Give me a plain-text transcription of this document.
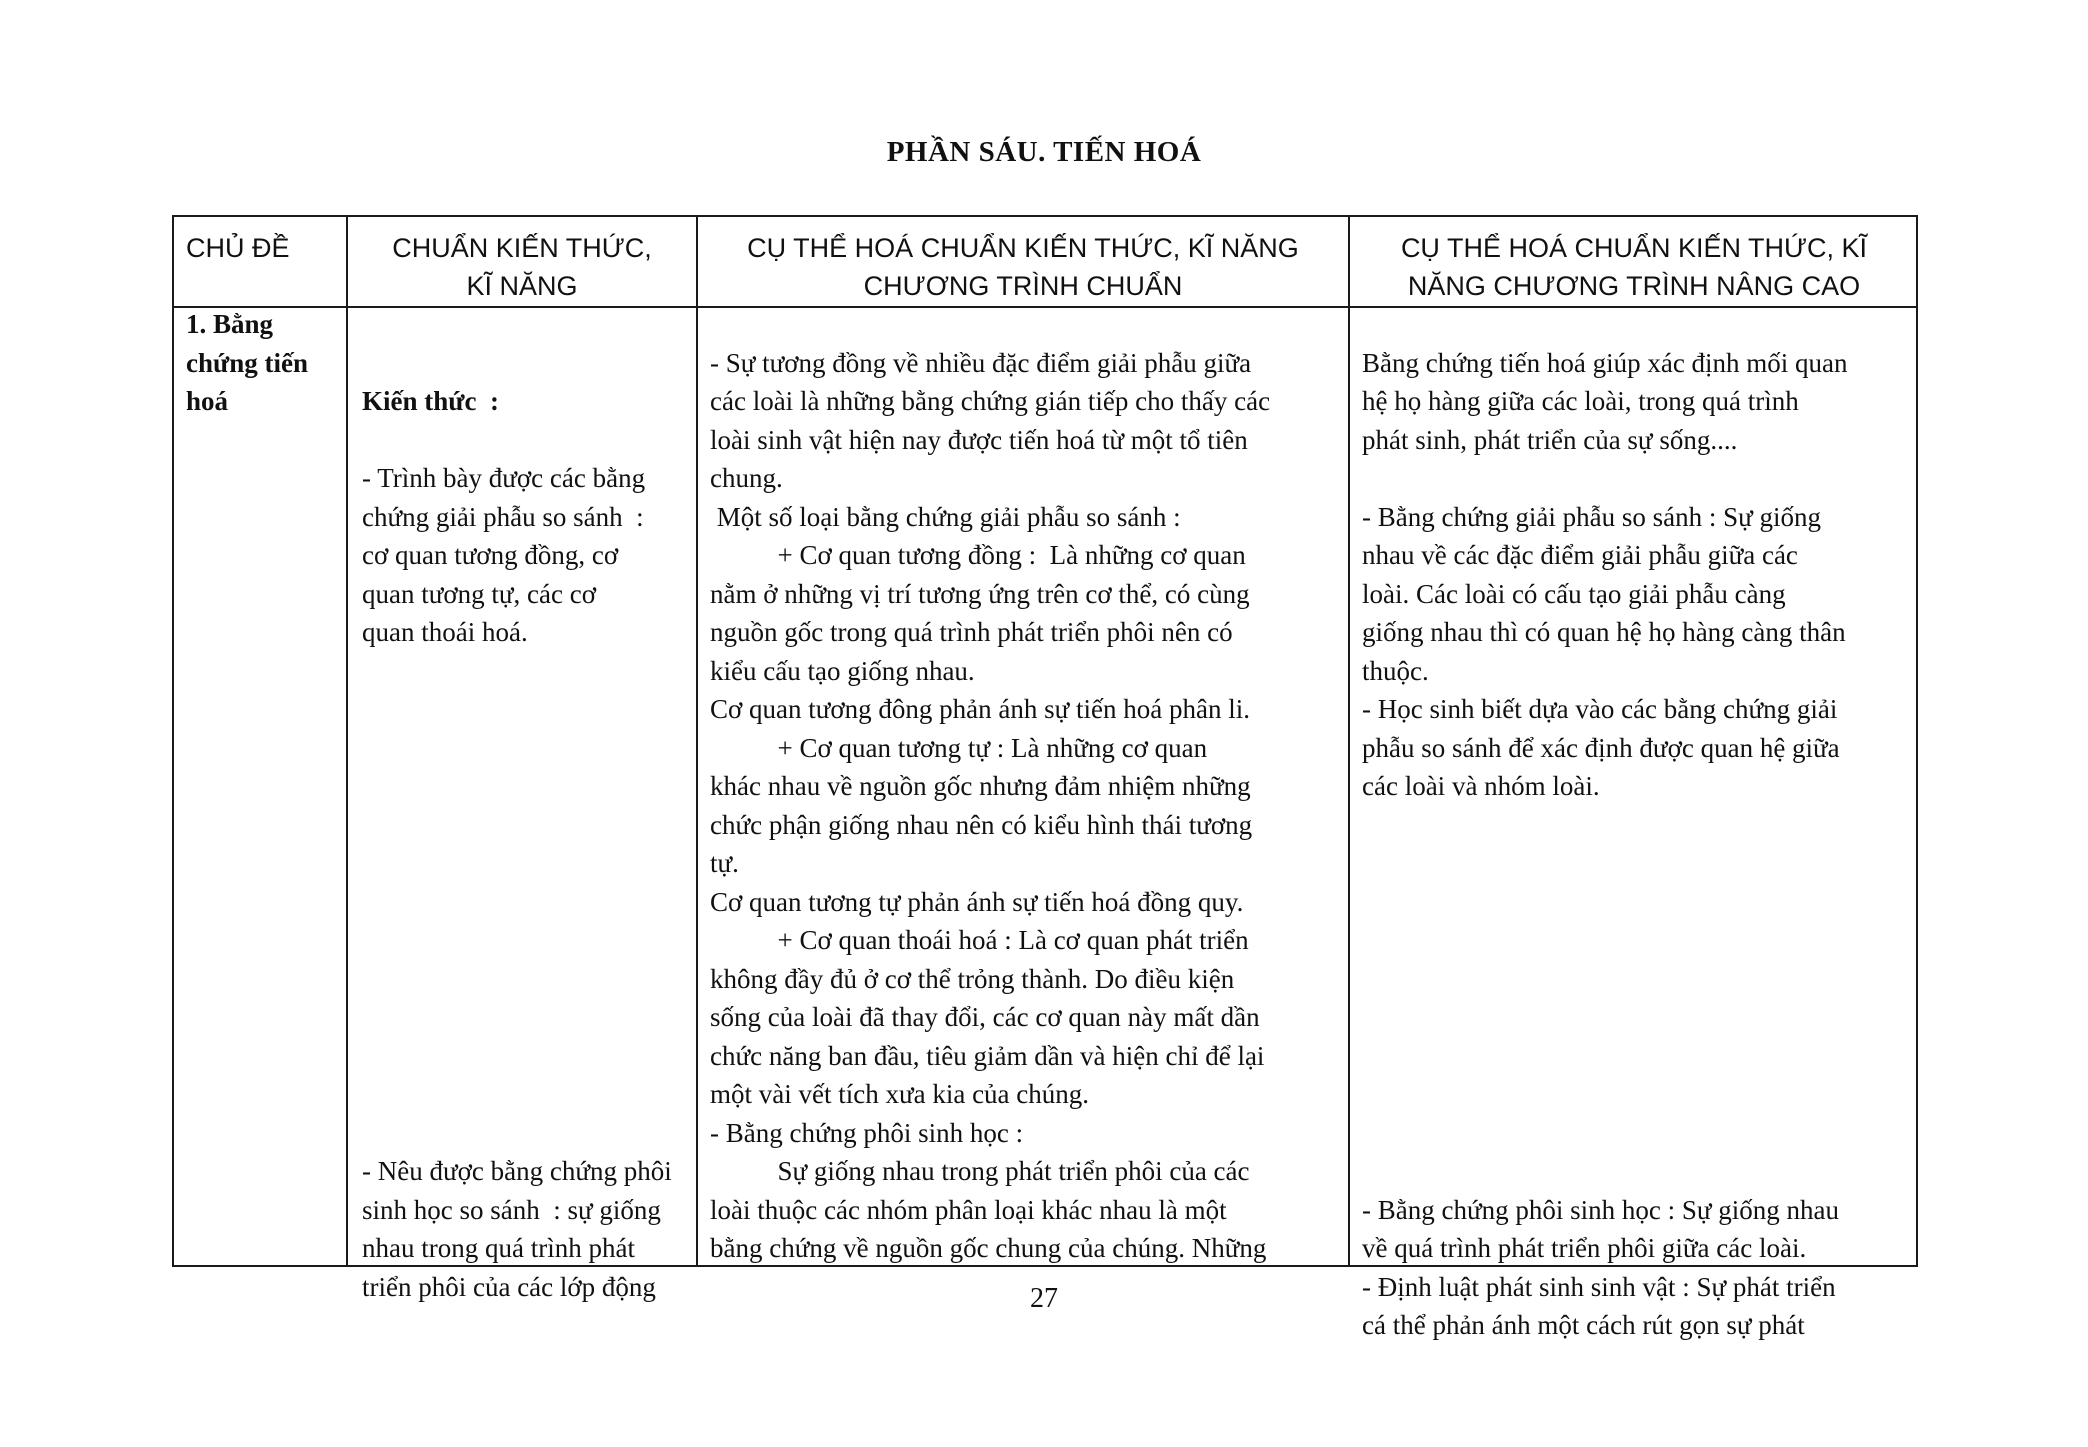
PHẦN SÁU. TIẾN HOÁ
CHỦ ĐỀ	CHUẨN KIẾN THỨC,
KĨ NĂNG
CỤ THỂ HOÁ CHUẨN KIẾN THỨC, KĨ NĂNG
CHƯƠNG TRÌNH CHUẨN
CỤ THỂ HOÁ CHUẨN KIẾN THỨC, KĨ
NĂNG CHƯƠNG TRÌNH NÂNG CAO
1. Bằng
chứng tiến
hoá

	Kiến thức  :

- Trình bày được các bằng
chứng giải phẫu so sánh  :
cơ quan tương đồng, cơ
quan tương tự, các cơ
quan thoái hoá.

- Nêu được bằng chứng phôi
sinh học so sánh  : sự giống
nhau trong quá trình phát
triển phôi của các lớp động

- Sự tương đồng về nhiều đặc điểm giải phẫu giữa
các loài là những bằng chứng gián tiếp cho thấy các
loài sinh vật hiện nay được tiến hoá từ một tổ tiên
chung.
Một số loại bằng chứng giải phẫu so sánh :
+ Cơ quan tương đồng :  Là những cơ quan
nằm ở những vị trí tương ứng trên cơ thể, có cùng
nguồn gốc trong quá trình phát triển phôi nên có
kiểu cấu tạo giống nhau.
Cơ quan tương đông phản ánh sự tiến hoá phân li.
+ Cơ quan tương tự : Là những cơ quan
khác nhau về nguồn gốc nhưng đảm nhiệm những
chức phận giống nhau nên có kiểu hình thái tương
tự.
Cơ quan tương tự phản ánh sự tiến hoá đồng quy.
+ Cơ quan thoái hoá : Là cơ quan phát triển
không đầy đủ ở cơ thể trỏng thành. Do điều kiện
sống của loài đã thay đổi, các cơ quan này mất dần
chức năng ban đầu, tiêu giảm dần và hiện chỉ để lại
một vài vết tích xưa kia của chúng.
- Bằng chứng phôi sinh học :
Sự giống nhau trong phát triển phôi của các
loài thuộc các nhóm phân loại khác nhau là một
bằng chứng về nguồn gốc chung của chúng. Những

Bằng chứng tiến hoá giúp xác định mối quan
hệ họ hàng giữa các loài, trong quá trình
phát sinh, phát triển của sự sống....

- Bằng chứng giải phẫu so sánh : Sự giống
nhau về các đặc điểm giải phẫu giữa các
loài. Các loài có cấu tạo giải phẫu càng
giống nhau thì có quan hệ họ hàng càng thân
thuộc.
- Học sinh biết dựa vào các bằng chứng giải
phẫu so sánh để xác định được quan hệ giữa
các loài và nhóm loài.

- Bằng chứng phôi sinh học : Sự giống nhau
về quá trình phát triển phôi giữa các loài.
- Định luật phát sinh sinh vật : Sự phát triển
cá thể phản ánh một cách rút gọn sự phát
27
